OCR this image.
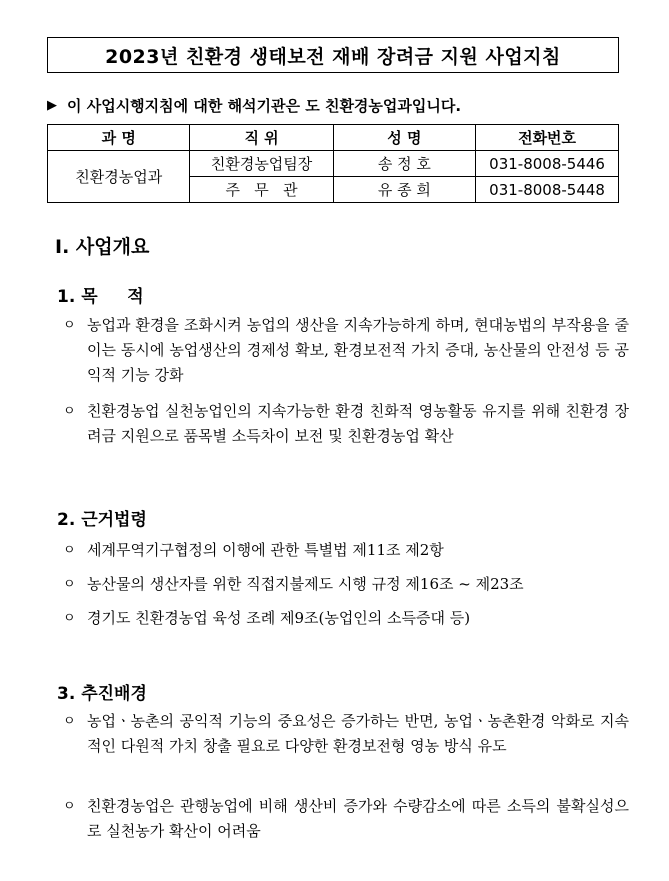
2023년 친환경 생태보전 재배 장려금 지원 사업지침
▶ 이 사업시행지침에 대한 해석기관은 도 친환경농업과입니다.
과 명	직 위	성 명	전화번호
친환경농업과	친환경농업팀장	송 정 호	031-8008-5446
	주   무   관	유 종 희	031-8008-5448
Ⅰ. 사업개요
1. 목     적
ㅇ 농업과 환경을 조화시켜 농업의 생산을 지속가능하게 하며, 현대농법의 부작용을 줄이는 동시에 농업생산의 경제성 확보, 환경보전적 가치 증대, 농산물의 안전성 등 공익적 기능 강화
ㅇ 친환경농업 실천농업인의 지속가능한 환경 친화적 영농활동 유지를 위해 친환경 장려금 지원으로 품목별 소득차이 보전 및 친환경농업 확산
2. 근거법령
ㅇ 세계무역기구협정의 이행에 관한 특별법 제11조 제2항
ㅇ 농산물의 생산자를 위한 직접지불제도 시행 규정 제16조 ~ 제23조
ㅇ 경기도 친환경농업 육성 조례 제9조(농업인의 소득증대 등)
3. 추진배경
ㅇ 농업ㆍ농촌의 공익적 기능의 중요성은 증가하는 반면, 농업ㆍ농촌환경 악화로 지속적인 다원적 가치 창출 필요로 다양한 환경보전형 영농 방식 유도
ㅇ 친환경농업은 관행농업에 비해 생산비 증가와 수량감소에 따른 소득의 불확실성으로 실천농가 확산이 어려움
